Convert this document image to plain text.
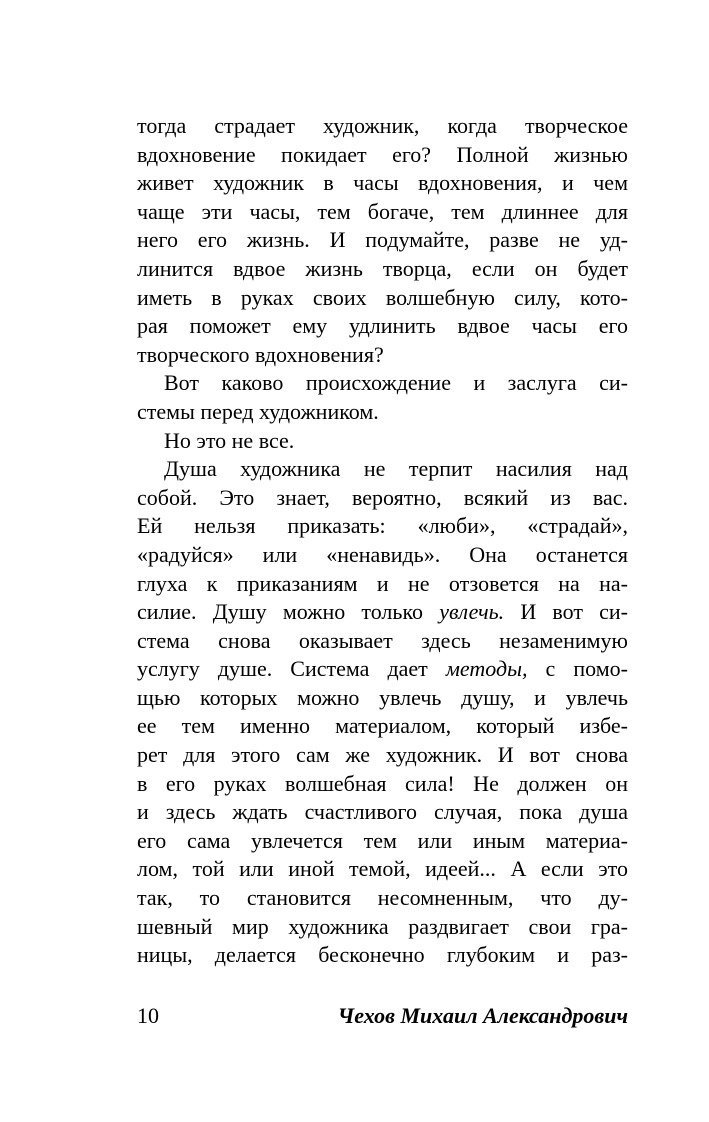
тогда страдает художник, когда творческое
вдохновение покидает его? Полной жизнью
живет художник в часы вдохновения, и чем
чаще эти часы, тем богаче, тем длиннее для
него его жизнь. И подумайте, разве не уд-
линится вдвое жизнь творца, если он будет
иметь в руках своих волшебную силу, кото-
рая поможет ему удлинить вдвое часы его
творческого вдохновения?
Вот каково происхождение и заслуга си-
стемы перед художником.
Но это не все.
Душа художника не терпит насилия над
собой. Это знает, вероятно, всякий из вас.
Ей нельзя приказать: «люби», «страдай»,
«радуйся» или «ненавидь». Она останется
глуха к приказаниям и не отзовется на на-
силие. Душу можно только увлечь. И вот си-
стема снова оказывает здесь незаменимую
услугу душе. Система дает методы, с помо-
щью которых можно увлечь душу, и увлечь
ее тем именно материалом, который избе-
рет для этого сам же художник. И вот снова
в его руках волшебная сила! Не должен он
и здесь ждать счастливого случая, пока душа
его сама увлечется тем или иным материа-
лом, той или иной темой, идеей... А если это
так, то становится несомненным, что ду-
шевный мир художника раздвигает свои гра-
ницы, делается бесконечно глубоким и раз-
10	Чехов Михаил Александрович
